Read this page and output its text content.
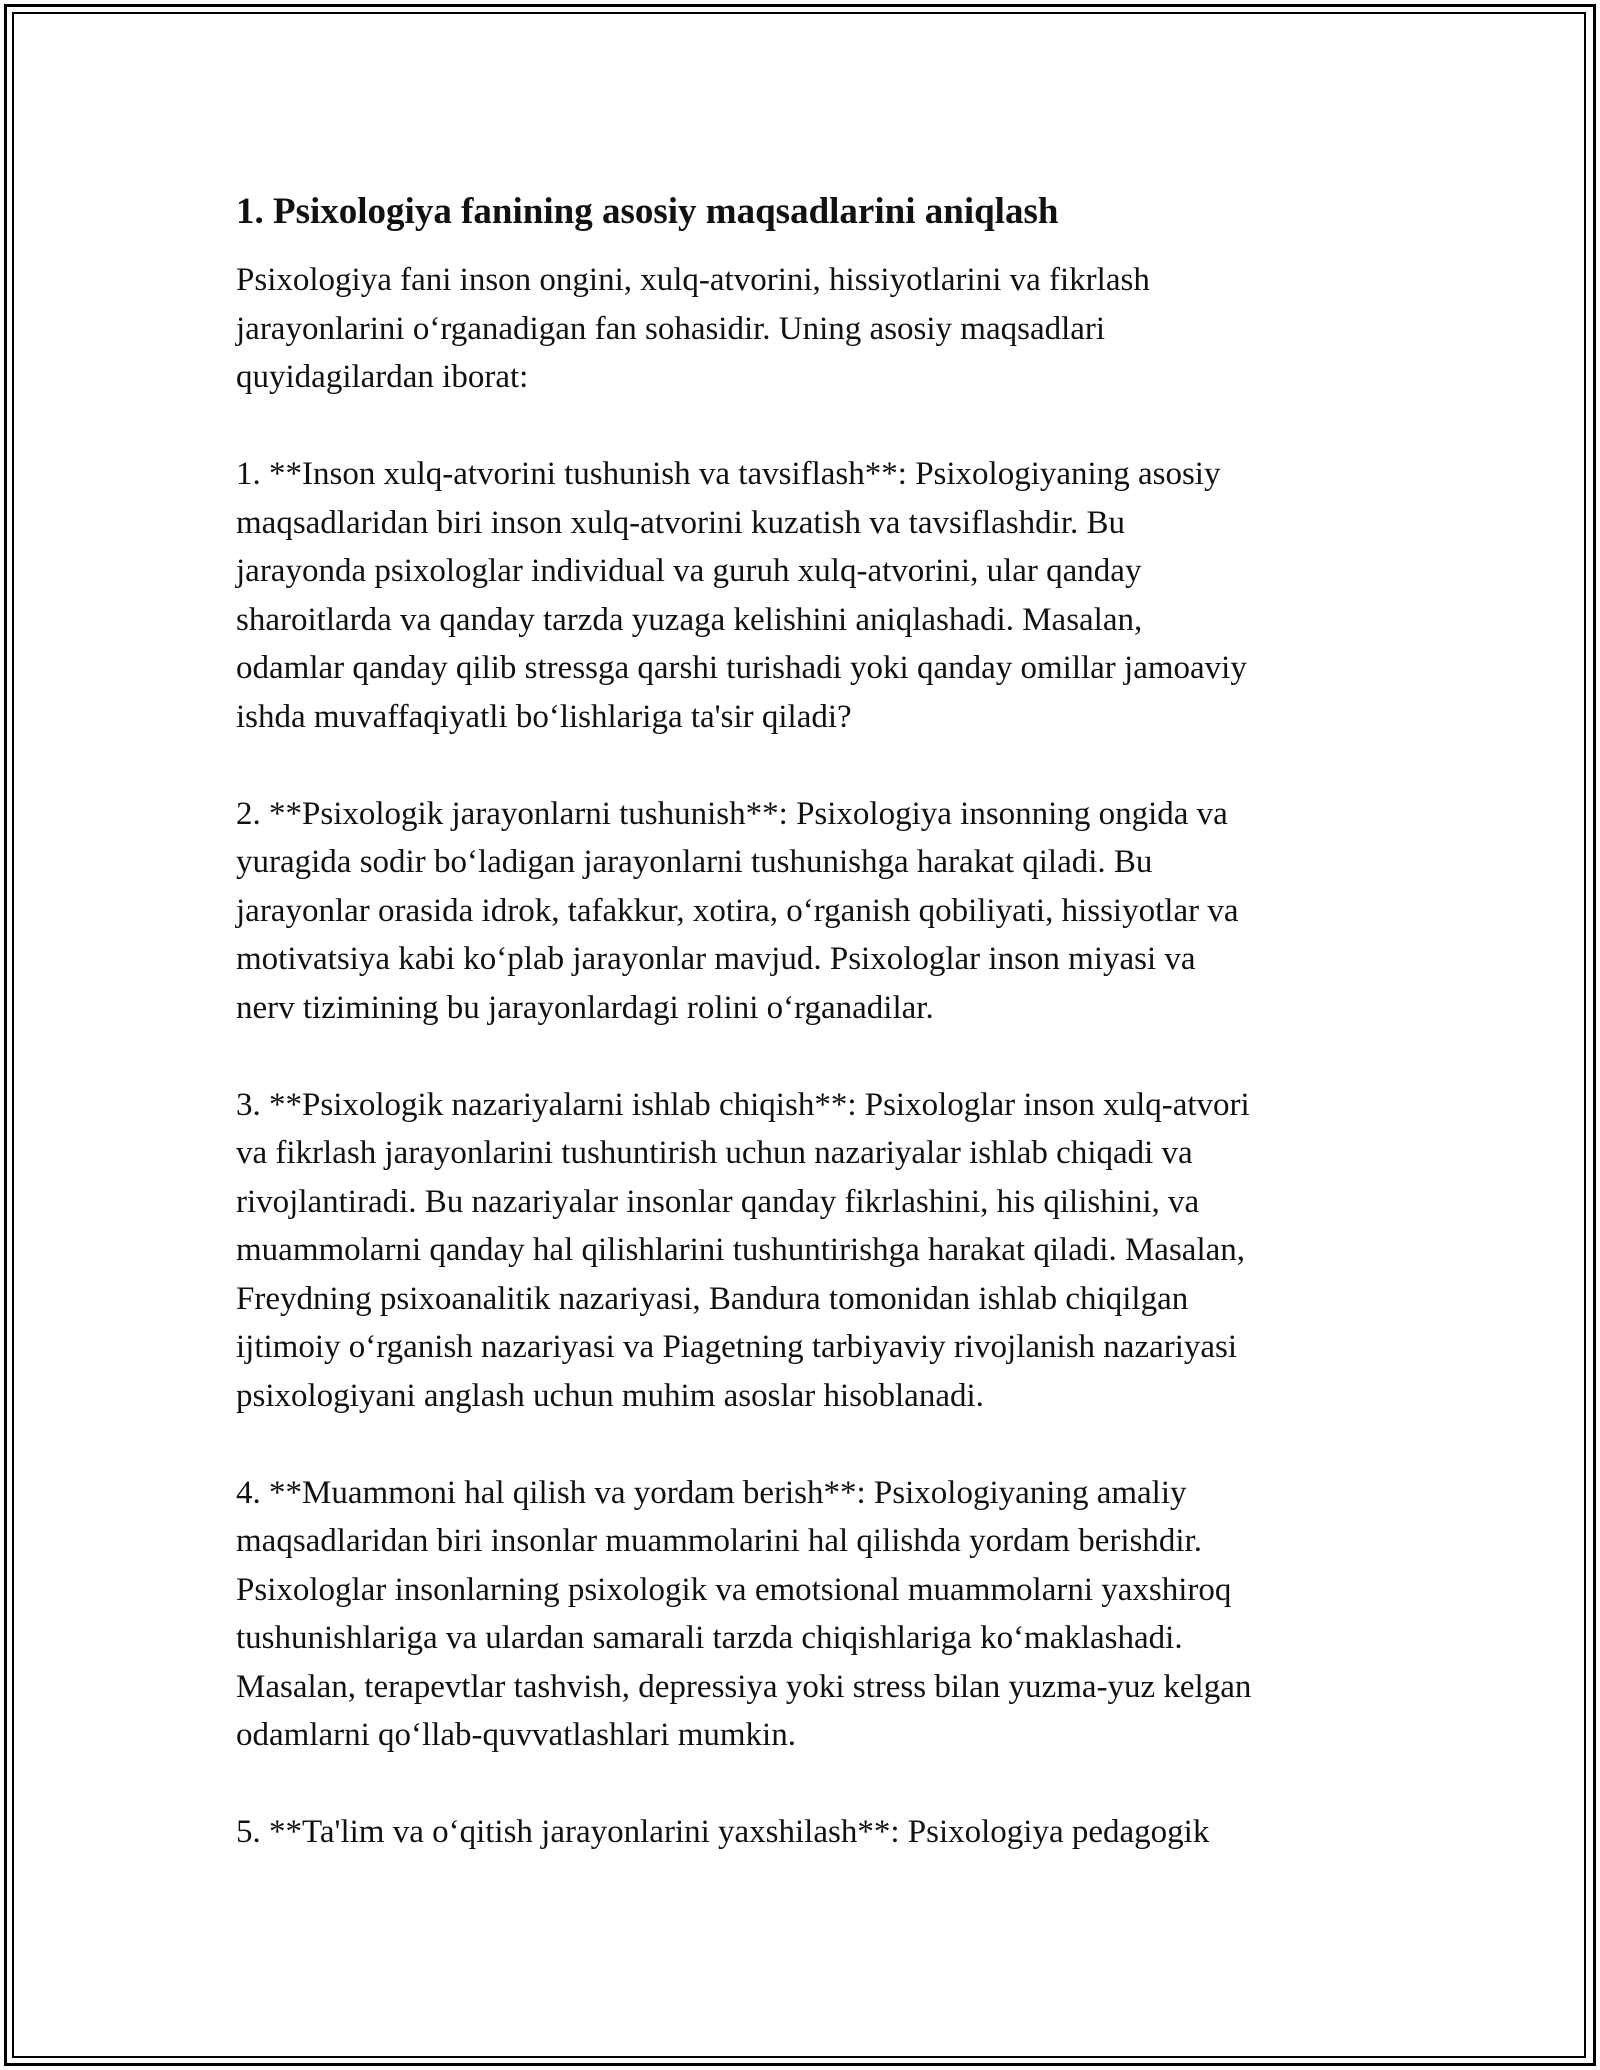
1. Psixologiya fanining asosiy maqsadlarini aniqlash

Psixologiya fani inson ongini, xulq-atvorini, hissiyotlarini va fikrlash
jarayonlarini o‘rganadigan fan sohasidir. Uning asosiy maqsadlari
quyidagilardan iborat:

1. **Inson xulq-atvorini tushunish va tavsiflash**: Psixologiyaning asosiy
maqsadlaridan biri inson xulq-atvorini kuzatish va tavsiflashdir. Bu
jarayonda psixologlar individual va guruh xulq-atvorini, ular qanday
sharoitlarda va qanday tarzda yuzaga kelishini aniqlashadi. Masalan,
odamlar qanday qilib stressga qarshi turishadi yoki qanday omillar jamoaviy
ishda muvaffaqiyatli bo‘lishlariga ta'sir qiladi?

2. **Psixologik jarayonlarni tushunish**: Psixologiya insonning ongida va
yuragida sodir bo‘ladigan jarayonlarni tushunishga harakat qiladi. Bu
jarayonlar orasida idrok, tafakkur, xotira, o‘rganish qobiliyati, hissiyotlar va
motivatsiya kabi ko‘plab jarayonlar mavjud. Psixologlar inson miyasi va
nerv tizimining bu jarayonlardagi rolini o‘rganadilar.

3. **Psixologik nazariyalarni ishlab chiqish**: Psixologlar inson xulq-atvori
va fikrlash jarayonlarini tushuntirish uchun nazariyalar ishlab chiqadi va
rivojlantiradi. Bu nazariyalar insonlar qanday fikrlashini, his qilishini, va
muammolarni qanday hal qilishlarini tushuntirishga harakat qiladi. Masalan,
Freydning psixoanalitik nazariyasi, Bandura tomonidan ishlab chiqilgan
ijtimoiy o‘rganish nazariyasi va Piagetning tarbiyaviy rivojlanish nazariyasi
psixologiyani anglash uchun muhim asoslar hisoblanadi.

4. **Muammoni hal qilish va yordam berish**: Psixologiyaning amaliy
maqsadlaridan biri insonlar muammolarini hal qilishda yordam berishdir.
Psixologlar insonlarning psixologik va emotsional muammolarni yaxshiroq
tushunishlariga va ulardan samarali tarzda chiqishlariga ko‘maklashadi.
Masalan, terapevtlar tashvish, depressiya yoki stress bilan yuzma-yuz kelgan
odamlarni qo‘llab-quvvatlashlari mumkin.

5. **Ta'lim va o‘qitish jarayonlarini yaxshilash**: Psixologiya pedagogik
